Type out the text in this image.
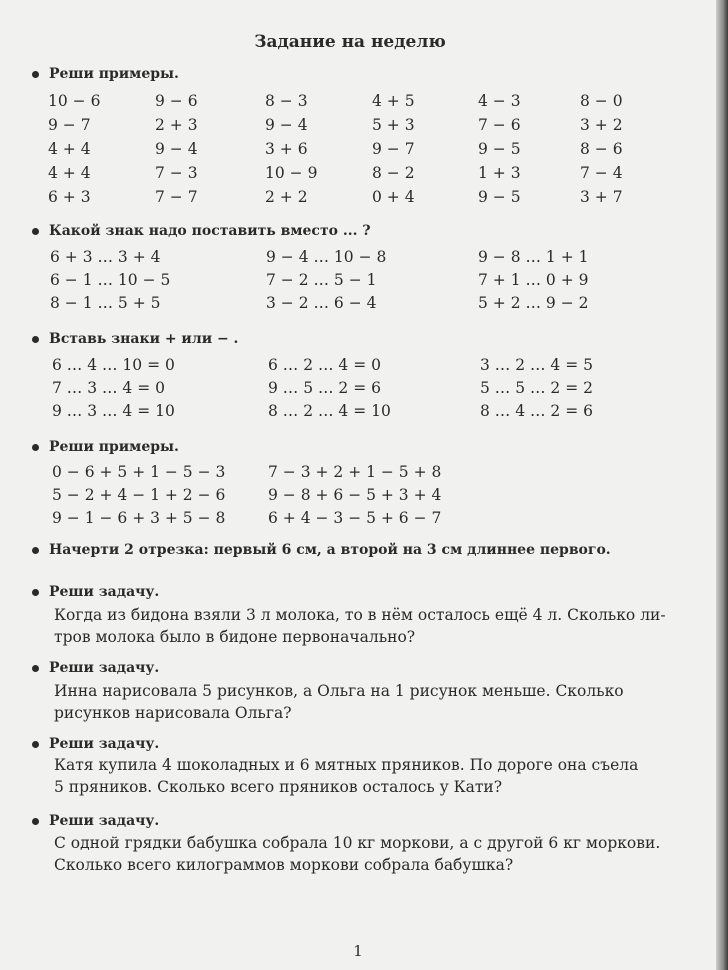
Задание на неделю
Реши примеры.
10 − 6	9 − 6	8 − 3	4 + 5	4 − 3	8 − 0
9 − 7	2 + 3	9 − 4	5 + 3	7 − 6	3 + 2
4 + 4	9 − 4	3 + 6	9 − 7	9 − 5	8 − 6
4 + 4	7 − 3	10 − 9	8 − 2	1 + 3	7 − 4
6 + 3	7 − 7	2 + 2	0 + 4	9 − 5	3 + 7
Какой знак надо поставить вместо ... ?
6 + 3 … 3 + 4	9 − 4 … 10 − 8	9 − 8 … 1 + 1
6 − 1 … 10 − 5	7 − 2 … 5 − 1	7 + 1 … 0 + 9
8 − 1 … 5 + 5	3 − 2 … 6 − 4	5 + 2 … 9 − 2
Вставь знаки + или − .
6 … 4 … 10 = 0	6 … 2 … 4 = 0	3 … 2 … 4 = 5
7 … 3 … 4 = 0	9 … 5 … 2 = 6	5 … 5 … 2 = 2
9 … 3 … 4 = 10	8 … 2 … 4 = 10	8 … 4 … 2 = 6
Реши примеры.
0 − 6 + 5 + 1 − 5 − 3	7 − 3 + 2 + 1 − 5 + 8
5 − 2 + 4 − 1 + 2 − 6	9 − 8 + 6 − 5 + 3 + 4
9 − 1 − 6 + 3 + 5 − 8	6 + 4 − 3 − 5 + 6 − 7
Начерти 2 отрезка: первый 6 см, а второй на 3 см длиннее первого.
Реши задачу.
Когда из бидона взяли 3 л молока, то в нём осталось ещё 4 л. Сколько ли-
тров молока было в бидоне первоначально?
Реши задачу.
Инна нарисовала 5 рисунков, а Ольга на 1 рисунок меньше. Сколько
рисунков нарисовала Ольга?
Реши задачу.
Катя купила 4 шоколадных и 6 мятных пряников. По дороге она съела
5 пряников. Сколько всего пряников осталось у Кати?
Реши задачу.
С одной грядки бабушка собрала 10 кг моркови, а с другой 6 кг моркови.
Сколько всего килограммов моркови собрала бабушка?
1
